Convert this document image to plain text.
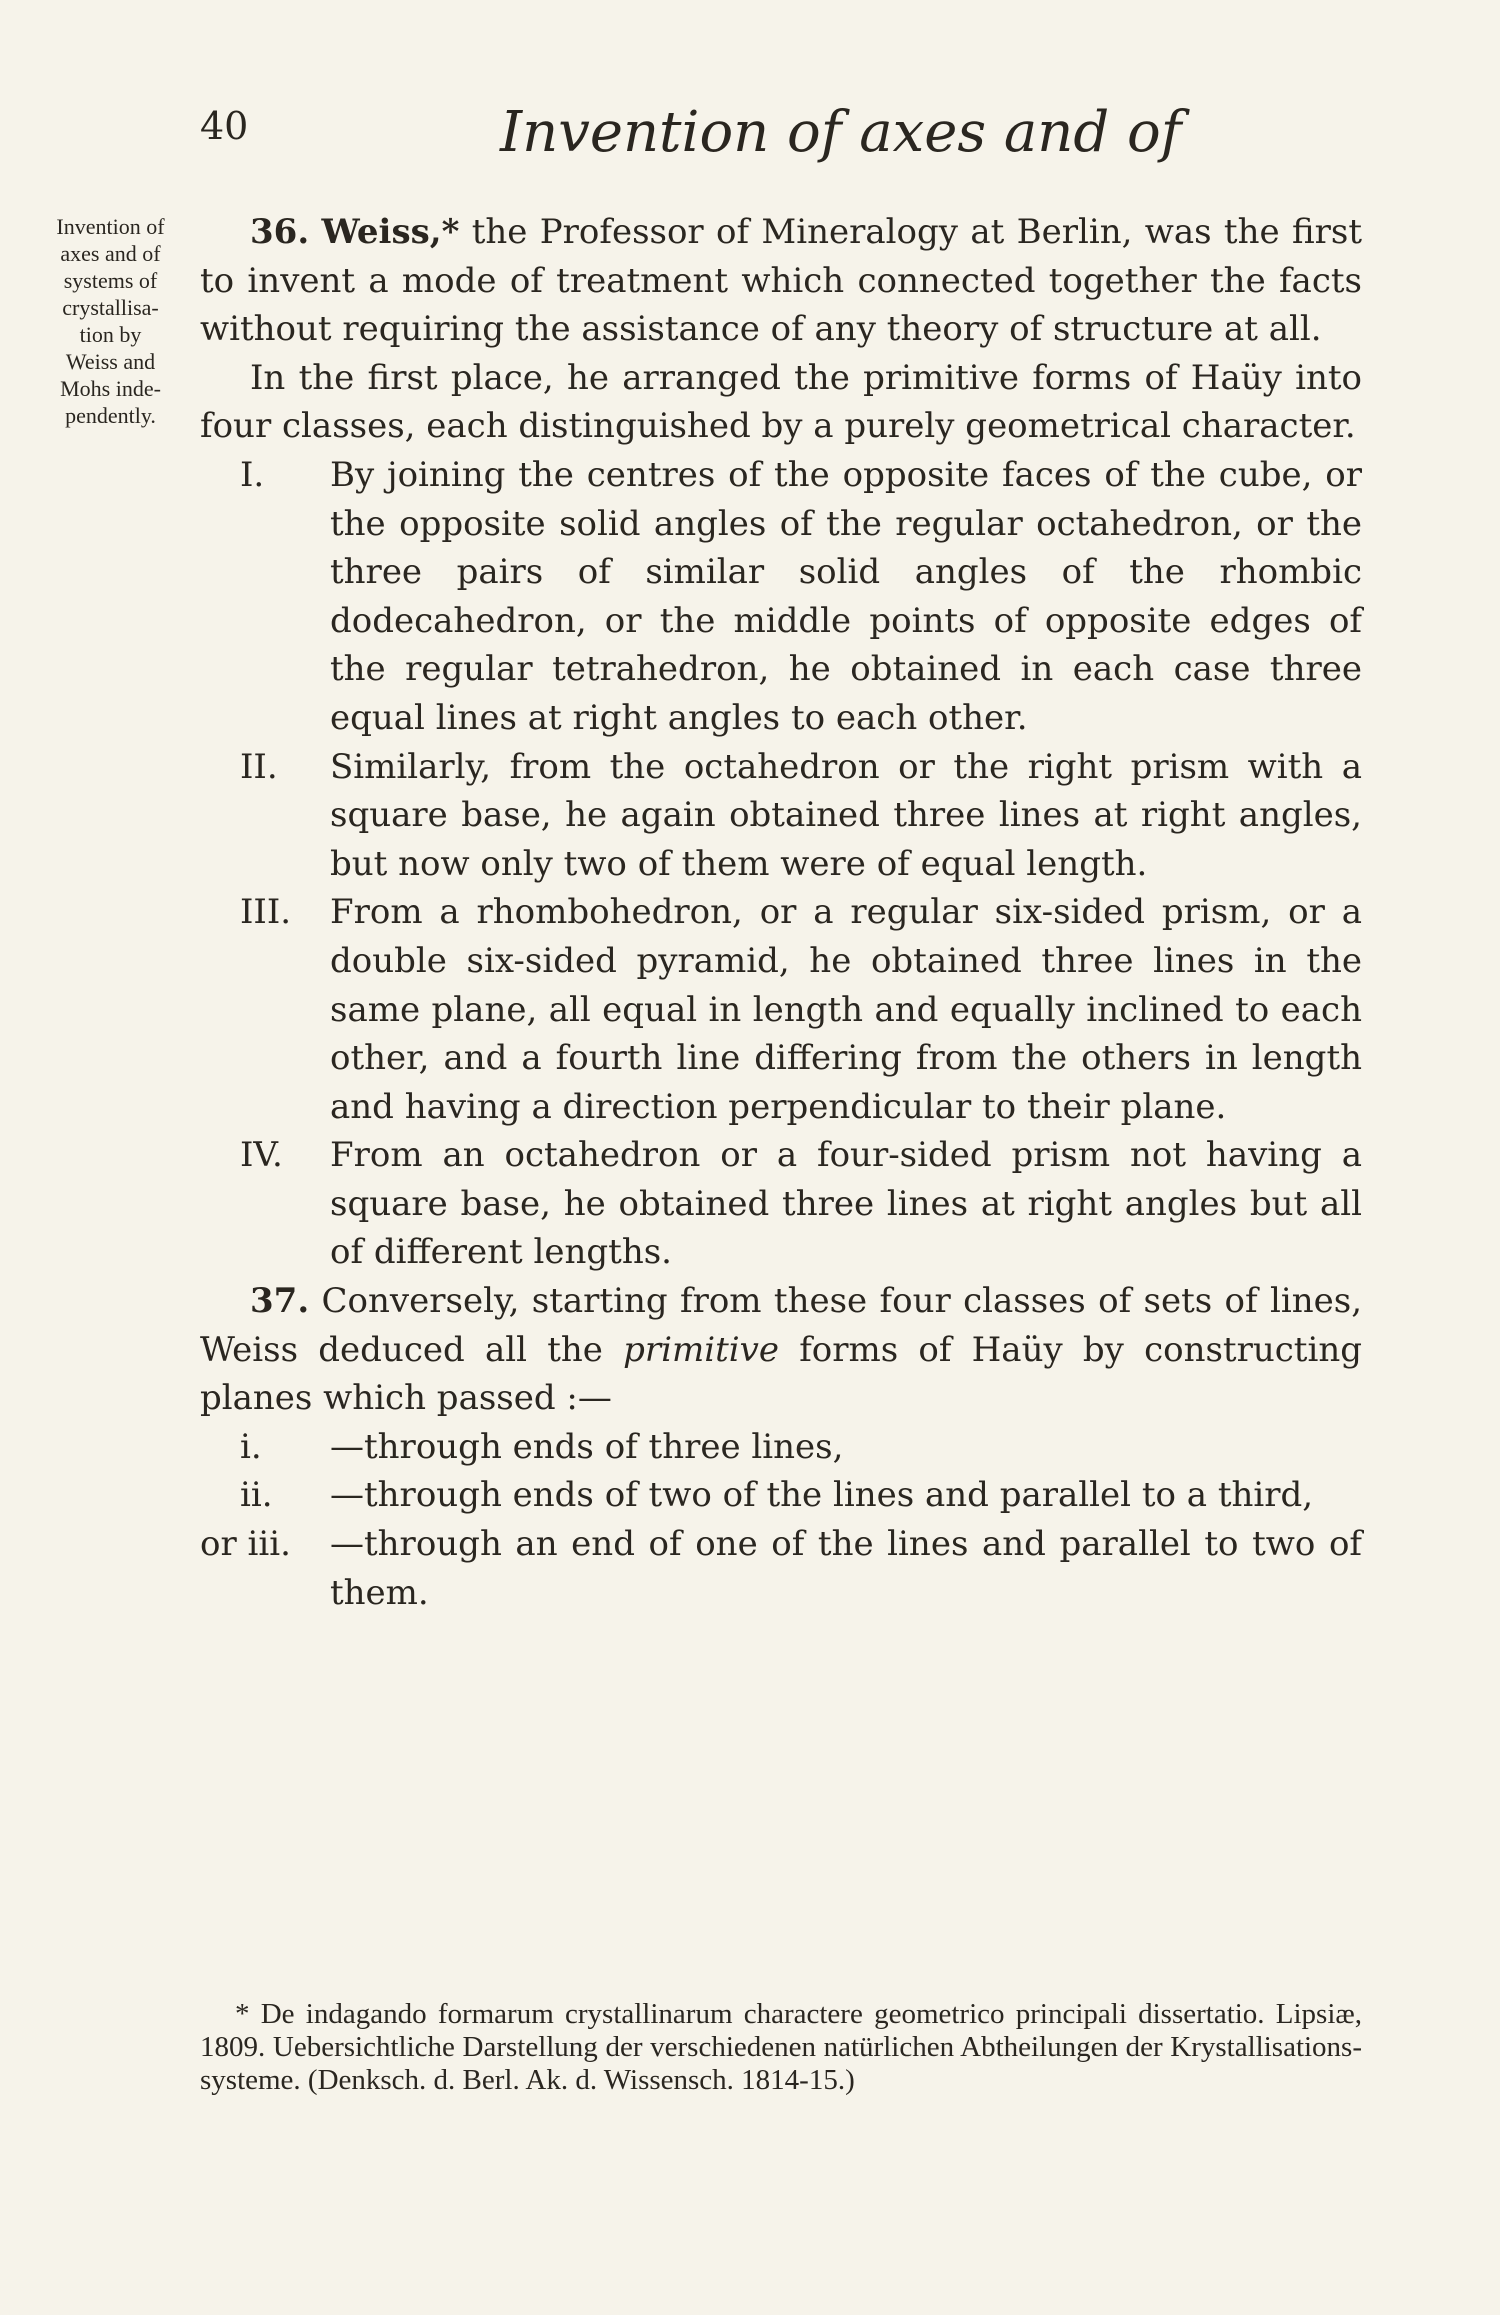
40	Invention of axes and of
Invention of
axes and of
systems of
crystallisa-
tion by
Weiss and
Mohs inde-
pendently.

36. Weiss,* the Professor of Mineralogy at Berlin, was the first to invent a mode of treatment which connected together the facts without requiring the assistance of any theory of structure at all.

In the first place, he arranged the primitive forms of Haüy into four classes, each distinguished by a purely geometrical character.

I. By joining the centres of the opposite faces of the cube, or the opposite solid angles of the regular octahedron, or the three pairs of similar solid angles of the rhombic dodecahedron, or the middle points of opposite edges of the regular tetrahedron, he obtained in each case three equal lines at right angles to each other.

II. Similarly, from the octahedron or the right prism with a square base, he again obtained three lines at right angles, but now only two of them were of equal length.

III. From a rhombohedron, or a regular six-sided prism, or a double six-sided pyramid, he obtained three lines in the same plane, all equal in length and equally inclined to each other, and a fourth line differing from the others in length and having a direction perpendicular to their plane.

IV. From an octahedron or a four-sided prism not having a square base, he obtained three lines at right angles but all of different lengths.

37. Conversely, starting from these four classes of sets of lines, Weiss deduced all the primitive forms of Haüy by constructing planes which passed :—

i. —through ends of three lines,

ii. —through ends of two of the lines and parallel to a third,

or iii. —through an end of one of the lines and parallel to two of them.

* De indagando formarum crystallinarum charactere geometrico principali dissertatio. Lipsiæ, 1809. Uebersichtliche Darstellung der verschiedenen natürlichen Abtheilungen der Krystallisations-systeme. (Denksch. d. Berl. Ak. d. Wissensch. 1814-15.)
